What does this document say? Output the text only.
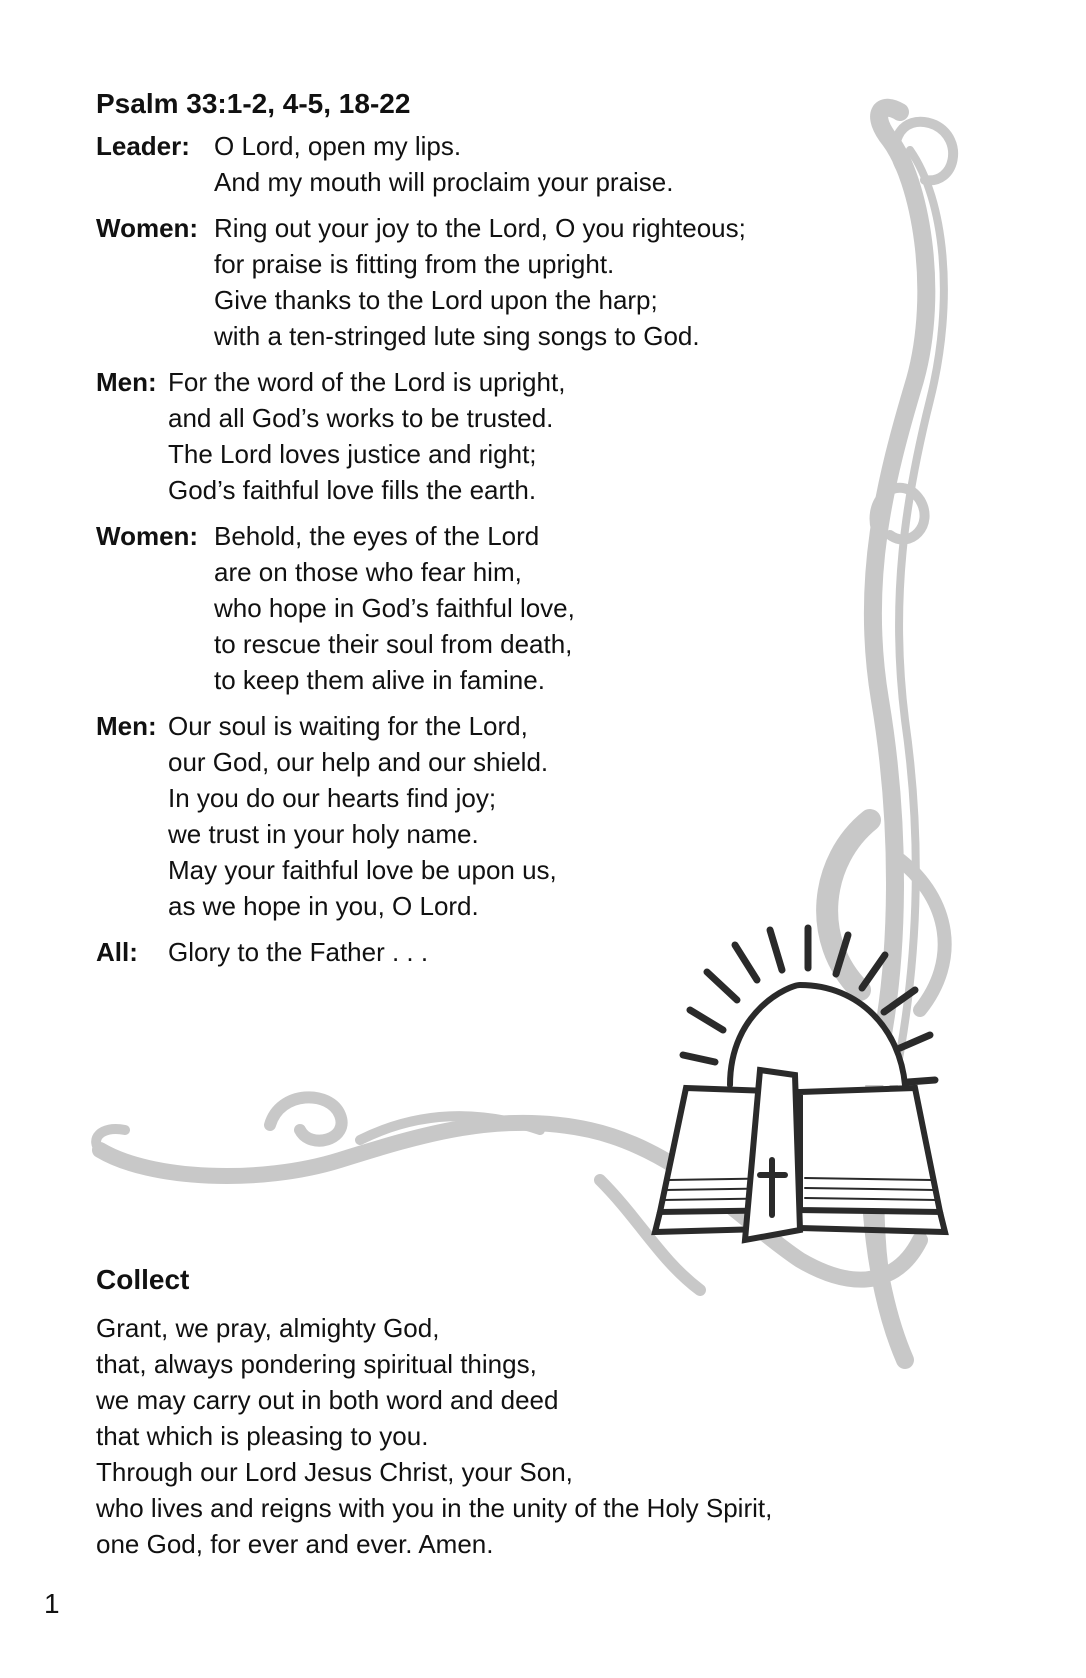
Psalm 33:1-2, 4-5, 18-22
Leader: O Lord, open my lips.
And my mouth will proclaim your praise.
Women: Ring out your joy to the Lord, O you righteous;
for praise is fitting from the upright.
Give thanks to the Lord upon the harp;
with a ten-stringed lute sing songs to God.
Men: For the word of the Lord is upright,
and all God’s works to be trusted.
The Lord loves justice and right;
God’s faithful love fills the earth.
Women: Behold, the eyes of the Lord
are on those who fear him,
who hope in God’s faithful love,
to rescue their soul from death,
to keep them alive in famine.
Men: Our soul is waiting for the Lord,
our God, our help and our shield.
In you do our hearts find joy;
we trust in your holy name.
May your faithful love be upon us,
as we hope in you, O Lord.
All:	Glory to the Father . . .
Collect
Grant, we pray, almighty God,
that, always pondering spiritual things,
we may carry out in both word and deed
that which is pleasing to you.
Through our Lord Jesus Christ, your Son,
who lives and reigns with you in the unity of the Holy Spirit,
one God, for ever and ever. Amen.
1
